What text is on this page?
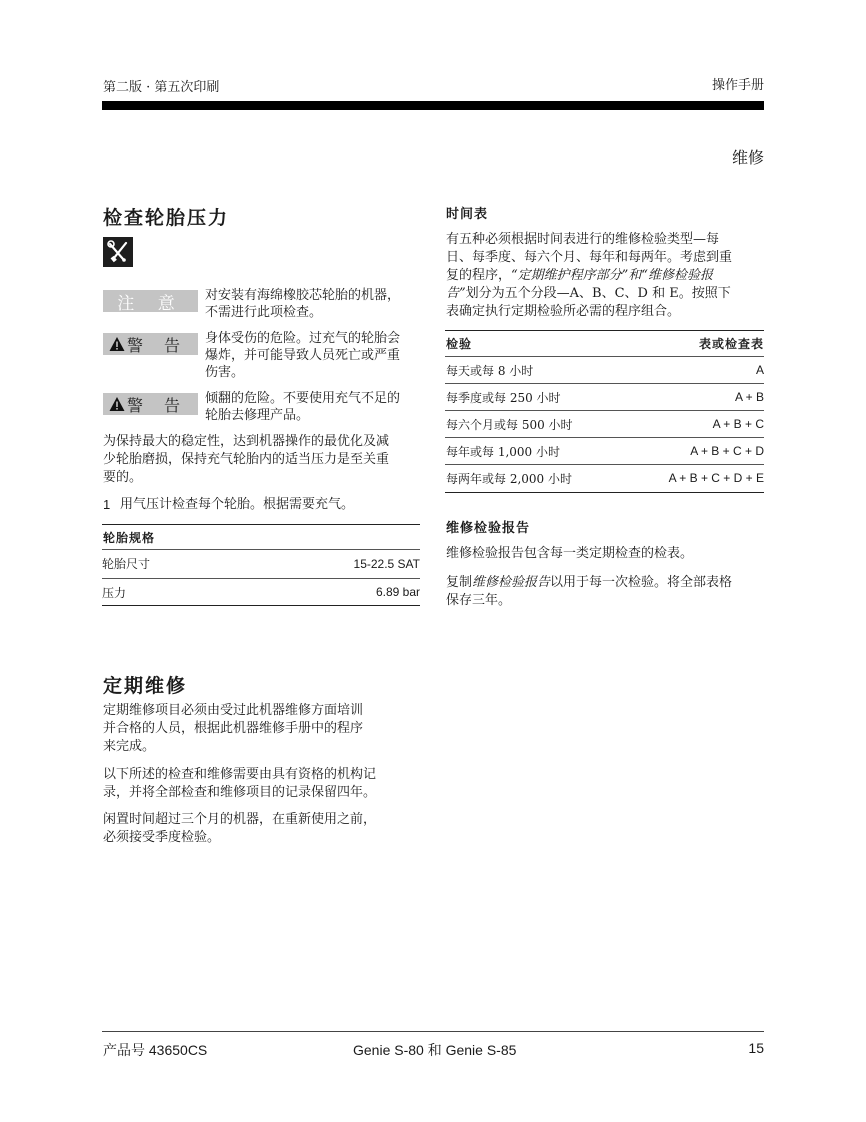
第二版 · 第五次印刷	操作手册
维修
检查轮胎压力
注 意 对安装有海绵橡胶芯轮胎的机器，
不需进行此项检查。
警 告 身体受伤的危险。过充气的轮胎会
爆炸，并可能导致人员死亡或严重
伤害。
警 告 倾翻的危险。不要使用充气不足的
轮胎去修理产品。
为保持最大的稳定性，达到机器操作的最优化及减
少轮胎磨损，保持充气轮胎内的适当压力是至关重
要的。
1 用气压计检查每个轮胎。根据需要充气。
轮胎规格
轮胎尺寸	15-22.5 SAT
压力	6.89 bar
定期维修
定期维修项目必须由受过此机器维修方面培训
并合格的人员，根据此机器维修手册中的程序
来完成。
以下所述的检查和维修需要由具有资格的机构记
录，并将全部检查和维修项目的记录保留四年。
闲置时间超过三个月的机器，在重新使用之前，
必须接受季度检验。
时间表
有五种必须根据时间表进行的维修检验类型—每
日、每季度、每六个月、每年和每两年。考虑到重
复的程序，“定期维护程序部分”和“维修检验报
告”划分为五个分段—A、B、C、D 和 E。按照下
表确定执行定期检验所必需的程序组合。
检验	表或检查表
每天或每 8 小时	A
每季度或每 250 小时	A + B
每六个月或每 500 小时	A + B + C
每年或每 1,000 小时	A + B + C + D
每两年或每 2,000 小时	A + B + C + D + E
维修检验报告
维修检验报告包含每一类定期检查的检表。
复制维修检验报告以用于每一次检验。将全部表格
保存三年。
产品号 43650CS	Genie S-80 和 Genie S-85	15
